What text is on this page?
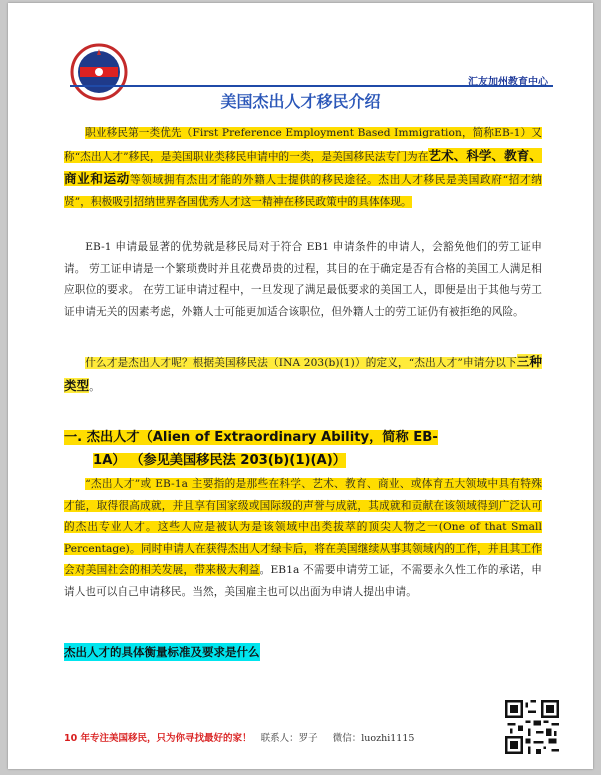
汇友加州教育中心
美国杰出人才移民介绍
职业移民第一类优先（First Preference Employment Based Immigration，简称EB-1）又称“杰出人才”移民，是美国职业类移民申请中的一类，是美国移民法专门为在艺术、科学、教育、商业和运动等领域拥有杰出才能的外籍人士提供的移民途径。杰出人才移民是美国政府“招才纳贤”，积极吸引招纳世界各国优秀人才这一精神在移民政策中的具体体现。
EB-1 申请最显著的优势就是移民局对于符合 EB1 申请条件的申请人，会豁免他们的劳工证申请。 劳工证申请是一个繁琐费时并且花费昂贵的过程，其目的在于确定是否有合格的美国工人满足相应职位的要求。 在劳工证申请过程中，一旦发现了满足最低要求的美国工人，即便是出于其他与劳工证申请无关的因素考虑，外籍人士可能更加适合该职位，但外籍人士的劳工证仍有被拒绝的风险。
什么才是杰出人才呢？根据美国移民法（INA 203(b)(1)）的定义，“杰出人才”申请分以下三种类型。
一. 杰出人才（Alien of Extraordinary Ability，简称 EB-
1A） （参见美国移民法 203(b)(1)(A)）
“杰出人才”或 EB-1a 主要指的是那些在科学、艺术、教育、商业、或体育五大领域中具有特殊才能，取得很高成就，并且享有国家级或国际级的声誉与成就，其成就和贡献在该领域得到广泛认可的杰出专业人才。这些人应是被认为是该领域中出类拔萃的顶尖人物之一(One of that Small Percentage)。同时申请人在获得杰出人才绿卡后，将在美国继续从事其领域内的工作，并且其工作会对美国社会的相关发展，带来极大利益。EB1a 不需要申请劳工证，不需要永久性工作的承诺，申请人也可以自己申请移民。当然，美国雇主也可以出面为申请人提出申请。
杰出人才的具体衡量标准及要求是什么
10 年专注美国移民，只为你寻找最好的家！ 联系人：罗子 微信：luozhi1115
